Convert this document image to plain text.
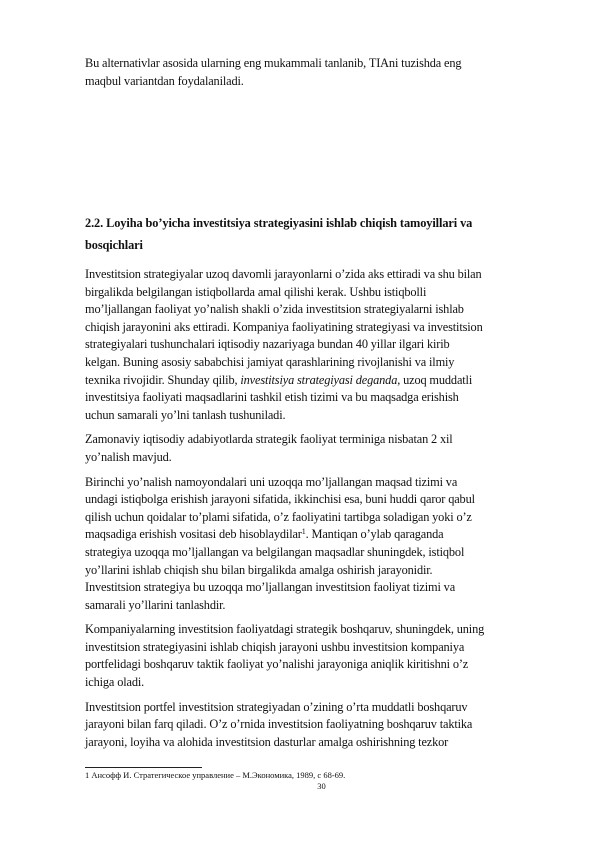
Bu alternativlar asosida ularning eng mukammali tanlanib, TIAni tuzishda eng

maqbul variantdan foydalaniladi.

2.2. Loyiha bo’yicha investitsiya strategiyasini ishlab chiqish tamoyillari va
bosqichlari

Investitsion strategiyalar uzoq davomli jarayonlarni o’zida aks ettiradi va shu bilan

birgalikda belgilangan istiqbollarda amal qilishi kerak. Ushbu istiqbolli

mo’ljallangan faoliyat yo’nalish shakli o’zida investitsion strategiyalarni ishlab

chiqish jarayonini aks ettiradi. Kompaniya faoliyatining strategiyasi va investitsion

strategiyalari tushunchalari iqtisodiy nazariyaga bundan 40 yillar ilgari kirib

kelgan. Buning asosiy sababchisi jamiyat qarashlarining rivojlanishi va ilmiy

texnika rivojidir. Shunday qilib, investitsiya strategiyasi deganda, uzoq muddatli

investitsiya faoliyati maqsadlarini tashkil etish tizimi va bu maqsadga erishish

uchun samarali yo’lni tanlash tushuniladi.

Zamonaviy iqtisodiy adabiyotlarda strategik faoliyat terminiga nisbatan 2 xil

yo’nalish mavjud.

Birinchi yo’nalish namoyondalari uni uzoqqa mo’ljallangan maqsad tizimi va

undagi istiqbolga erishish jarayoni sifatida, ikkinchisi esa, buni huddi qaror qabul

qilish uchun qoidalar to’plami sifatida, o’z faoliyatini tartibga soladigan yoki o’z

maqsadiga erishish vositasi deb hisoblaydilar$^1$. Mantiqan o’ylab qaraganda

strategiya uzoqqa mo’ljallangan va belgilangan maqsadlar shuningdek, istiqbol

yo’llarini ishlab chiqish shu bilan birgalikda amalga oshirish jarayonidir.

Investitsion strategiya bu uzoqqa mo’ljallangan investitsion faoliyat tizimi va

samarali yo’llarini tanlashdir.

Kompaniyalarning investitsion faoliyatdagi strategik boshqaruv, shuningdek, uning

investitsion strategiyasini ishlab chiqish jarayoni ushbu investitsion kompaniya

portfelidagi boshqaruv taktik faoliyat yo’nalishi jarayoniga aniqlik kiritishni o’z

ichiga oladi.

Investitsion portfel investitsion strategiyadan o’zining o’rta muddatli boshqaruv

jarayoni bilan farq qiladi. O’z o’rnida investitsion faoliyatning boshqaruv taktika

jarayoni, loyiha va alohida investitsion dasturlar amalga oshirishning tezkor

1 Ансофф И. Стратегическое управление – М.Экономика, 1989, с 68-69.
30
